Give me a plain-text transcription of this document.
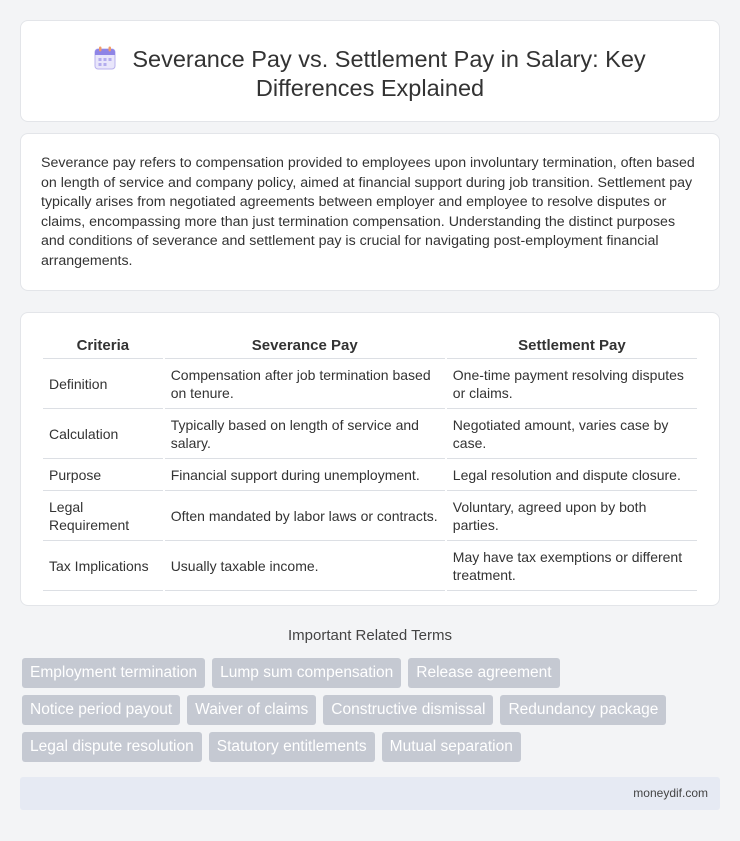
Severance Pay vs. Settlement Pay in Salary: Key
Differences Explained

Severance pay refers to compensation provided to employees upon involuntary termination, often based on length of service and company policy, aimed at financial support during job transition. Settlement pay typically arises from negotiated agreements between employer and employee to resolve disputes or claims, encompassing more than just termination compensation. Understanding the distinct purposes and conditions of severance and settlement pay is crucial for navigating post-employment financial arrangements.

Criteria	Severance Pay	Settlement Pay
Definition	Compensation after job termination based on tenure.	One-time payment resolving disputes or claims.
Calculation	Typically based on length of service and salary.	Negotiated amount, varies case by case.
Purpose	Financial support during unemployment.	Legal resolution and dispute closure.
Legal Requirement	Often mandated by labor laws or contracts.	Voluntary, agreed upon by both parties.
Tax Implications	Usually taxable income.	May have tax exemptions or different treatment.
Important Related Terms
Employment termination	Lump sum compensation	Release agreement
Notice period payout	Waiver of claims	Constructive dismissal	Redundancy package
Legal dispute resolution	Statutory entitlements	Mutual separation
moneydif.com
